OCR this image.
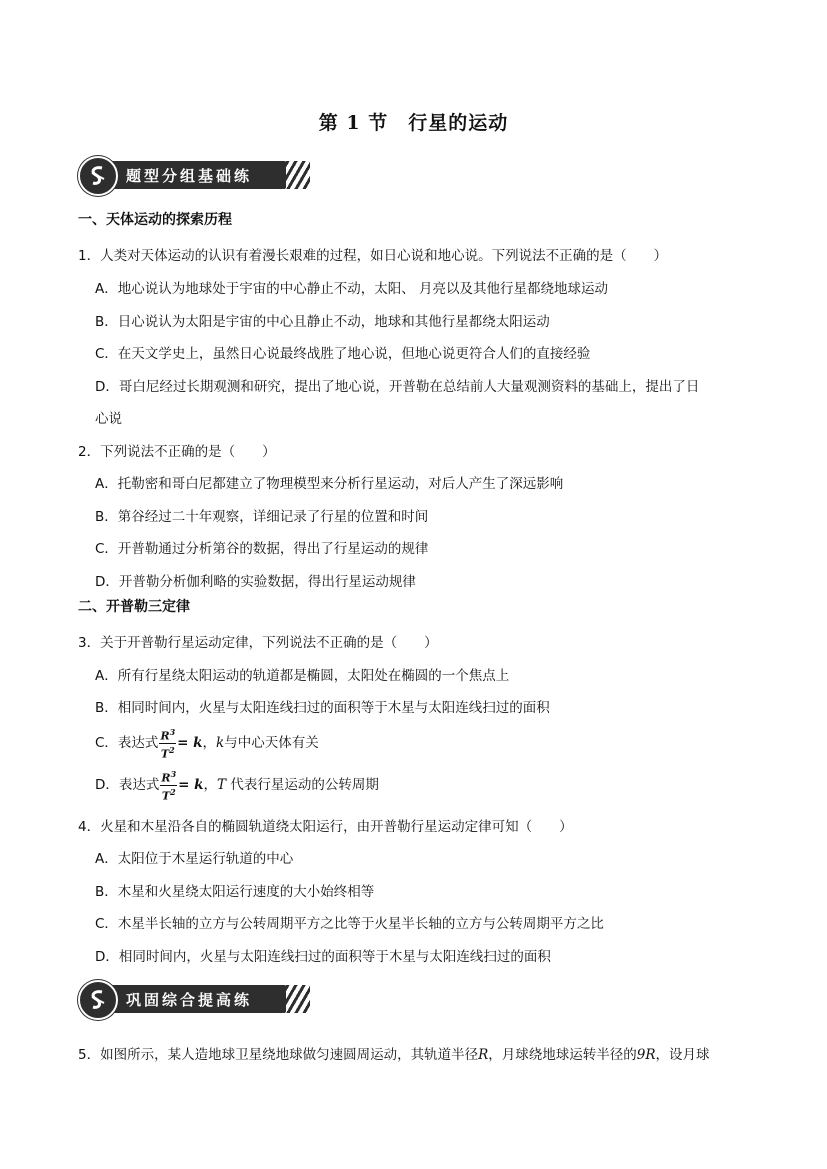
第 1 节　行星的运动
题型分组基础练
一、天体运动的探索历程
1．人类对天体运动的认识有着漫长艰难的过程，如日心说和地心说。下列说法不正确的是（　　）
A．地心说认为地球处于宇宙的中心静止不动，太阳、 月亮以及其他行星都绕地球运动
B．日心说认为太阳是宇宙的中心且静止不动，地球和其他行星都绕太阳运动
C．在天文学史上，虽然日心说最终战胜了地心说，但地心说更符合人们的直接经验
D．哥白尼经过长期观测和研究，提出了地心说，开普勒在总结前人大量观测资料的基础上，提出了日
心说
2．下列说法不正确的是（　　）
A．托勒密和哥白尼都建立了物理模型来分析行星运动，对后人产生了深远影响
B．第谷经过二十年观察，详细记录了行星的位置和时间
C．开普勒通过分析第谷的数据，得出了行星运动的规律
D．开普勒分析伽利略的实验数据，得出行星运动规律
二、开普勒三定律
3．关于开普勒行星运动定律，下列说法不正确的是（　　）
A．所有行星绕太阳运动的轨道都是椭圆，太阳处在椭圆的一个焦点上
B．相同时间内，火星与太阳连线扫过的面积等于木星与太阳连线扫过的面积
C．表达式 $\frac{R^3}{T^2} = k$，k与中心天体有关
D．表达式 $\frac{R^3}{T^2} = k$，T 代表行星运动的公转周期
4．火星和木星沿各自的椭圆轨道绕太阳运行，由开普勒行星运动定律可知（　　）
A．太阳位于木星运行轨道的中心
B．木星和火星绕太阳运行速度的大小始终相等
C．木星半长轴的立方与公转周期平方之比等于火星半长轴的立方与公转周期平方之比
D．相同时间内，火星与太阳连线扫过的面积等于木星与太阳连线扫过的面积
巩固综合提高练
5．如图所示，某人造地球卫星绕地球做匀速圆周运动，其轨道半径R，月球绕地球运转半径的9R，设月球
